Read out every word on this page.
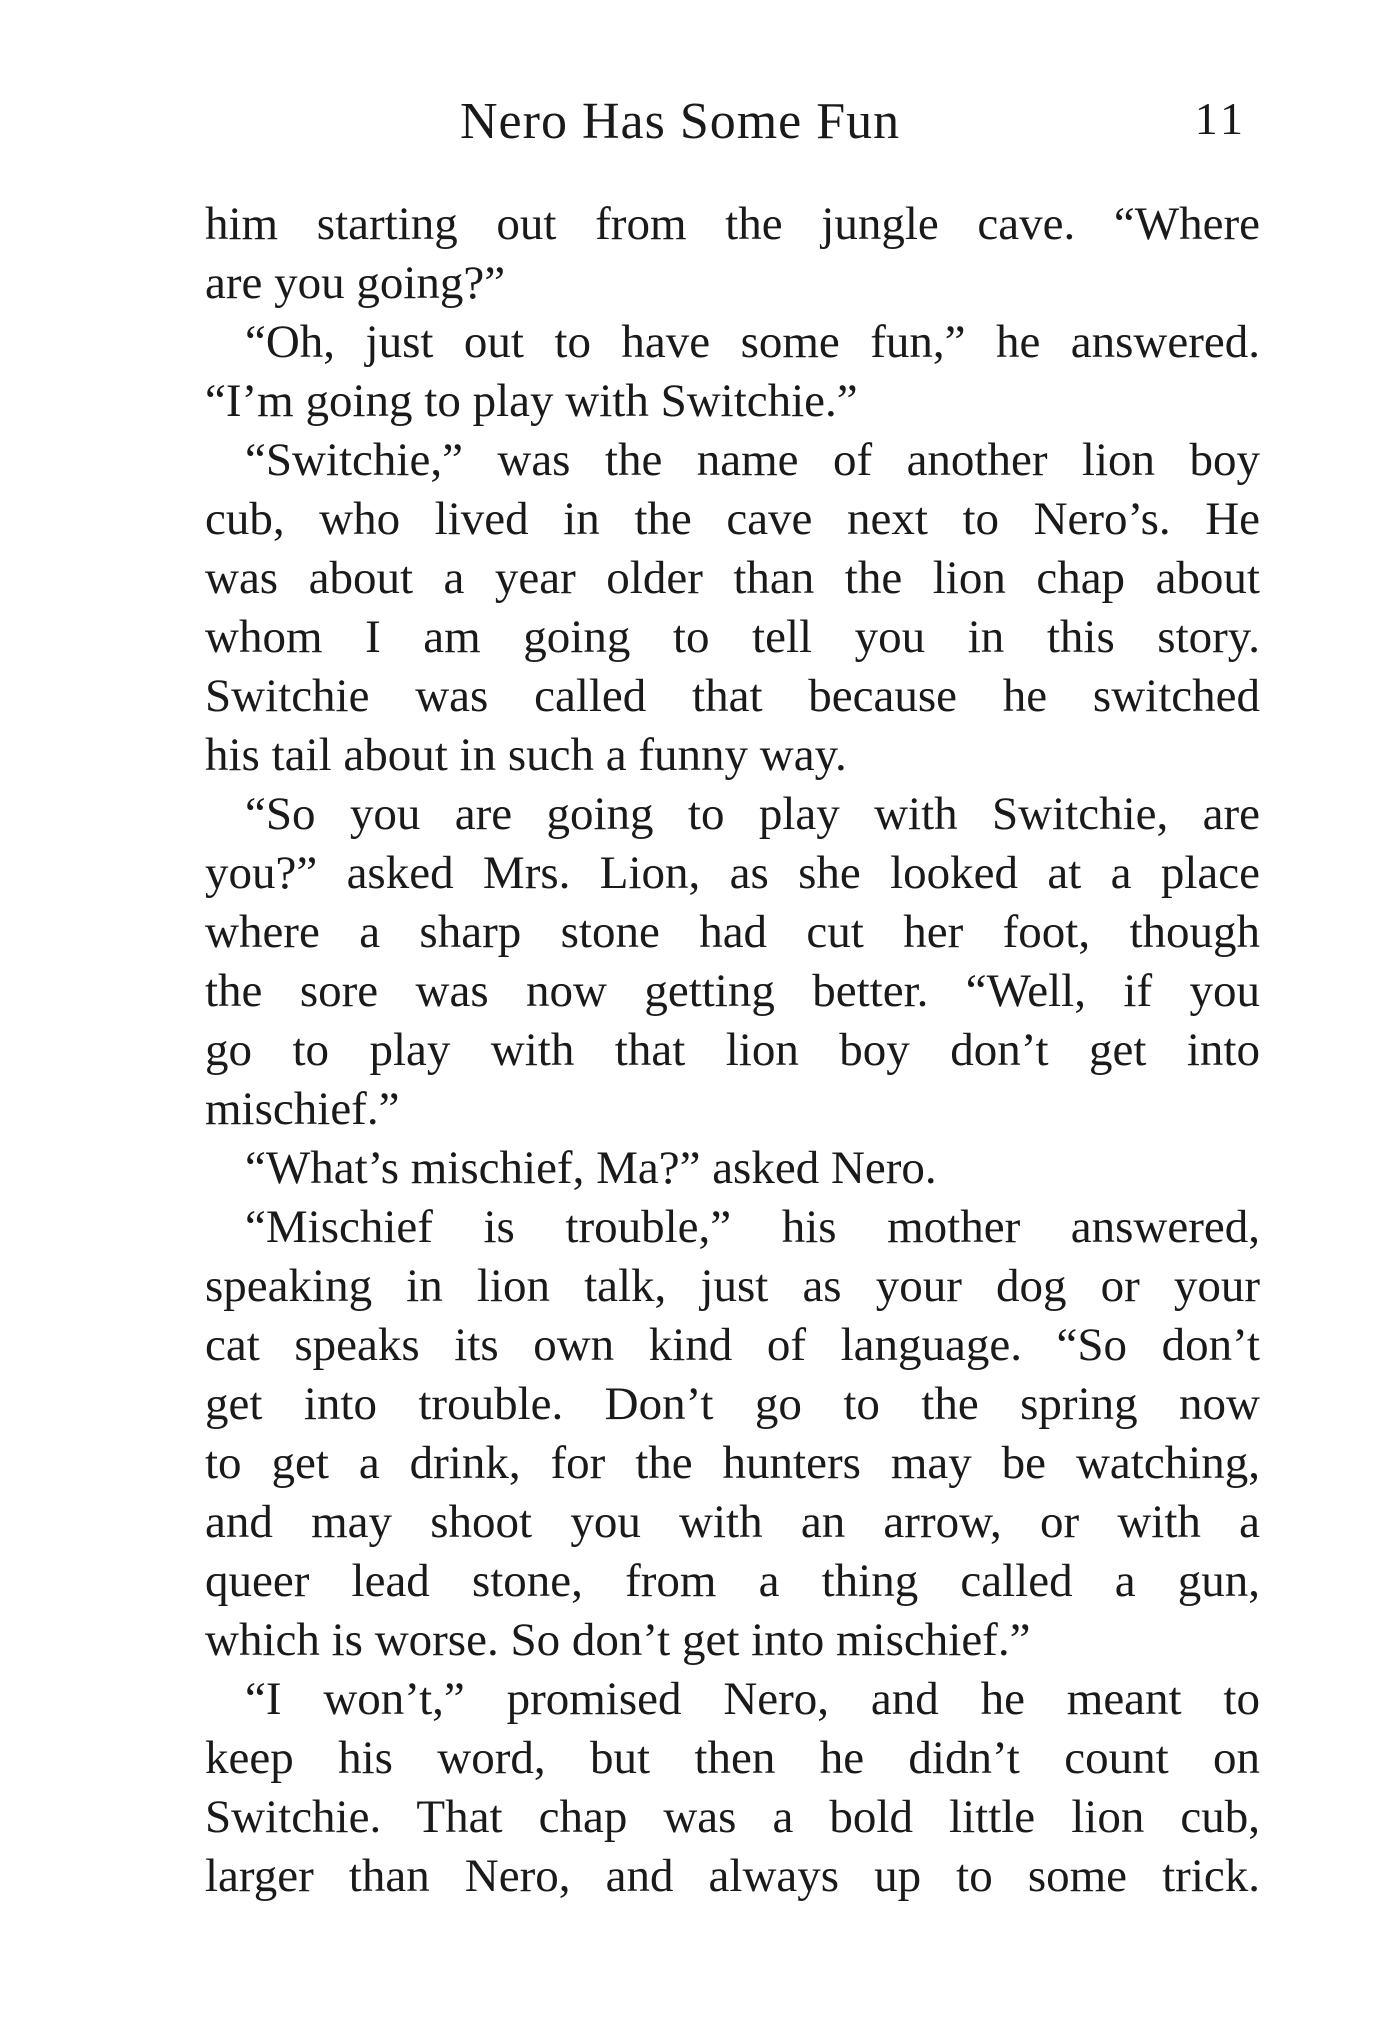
Nero Has Some Fun	11
him starting out from the jungle cave. “Where
are you going?”
“Oh, just out to have some fun,” he answered.
“I’m going to play with Switchie.”
“Switchie,” was the name of another lion boy
cub, who lived in the cave next to Nero’s. He
was about a year older than the lion chap about
whom I am going to tell you in this story.
Switchie was called that because he switched
his tail about in such a funny way.
“So you are going to play with Switchie, are
you?” asked Mrs. Lion, as she looked at a place
where a sharp stone had cut her foot, though
the sore was now getting better. “Well, if you
go to play with that lion boy don’t get into
mischief.”
“What’s mischief, Ma?” asked Nero.
“Mischief is trouble,” his mother answered,
speaking in lion talk, just as your dog or your
cat speaks its own kind of language. “So don’t
get into trouble. Don’t go to the spring now
to get a drink, for the hunters may be watching,
and may shoot you with an arrow, or with a
queer lead stone, from a thing called a gun,
which is worse. So don’t get into mischief.”
“I won’t,” promised Nero, and he meant to
keep his word, but then he didn’t count on
Switchie. That chap was a bold little lion cub,
larger than Nero, and always up to some trick.
